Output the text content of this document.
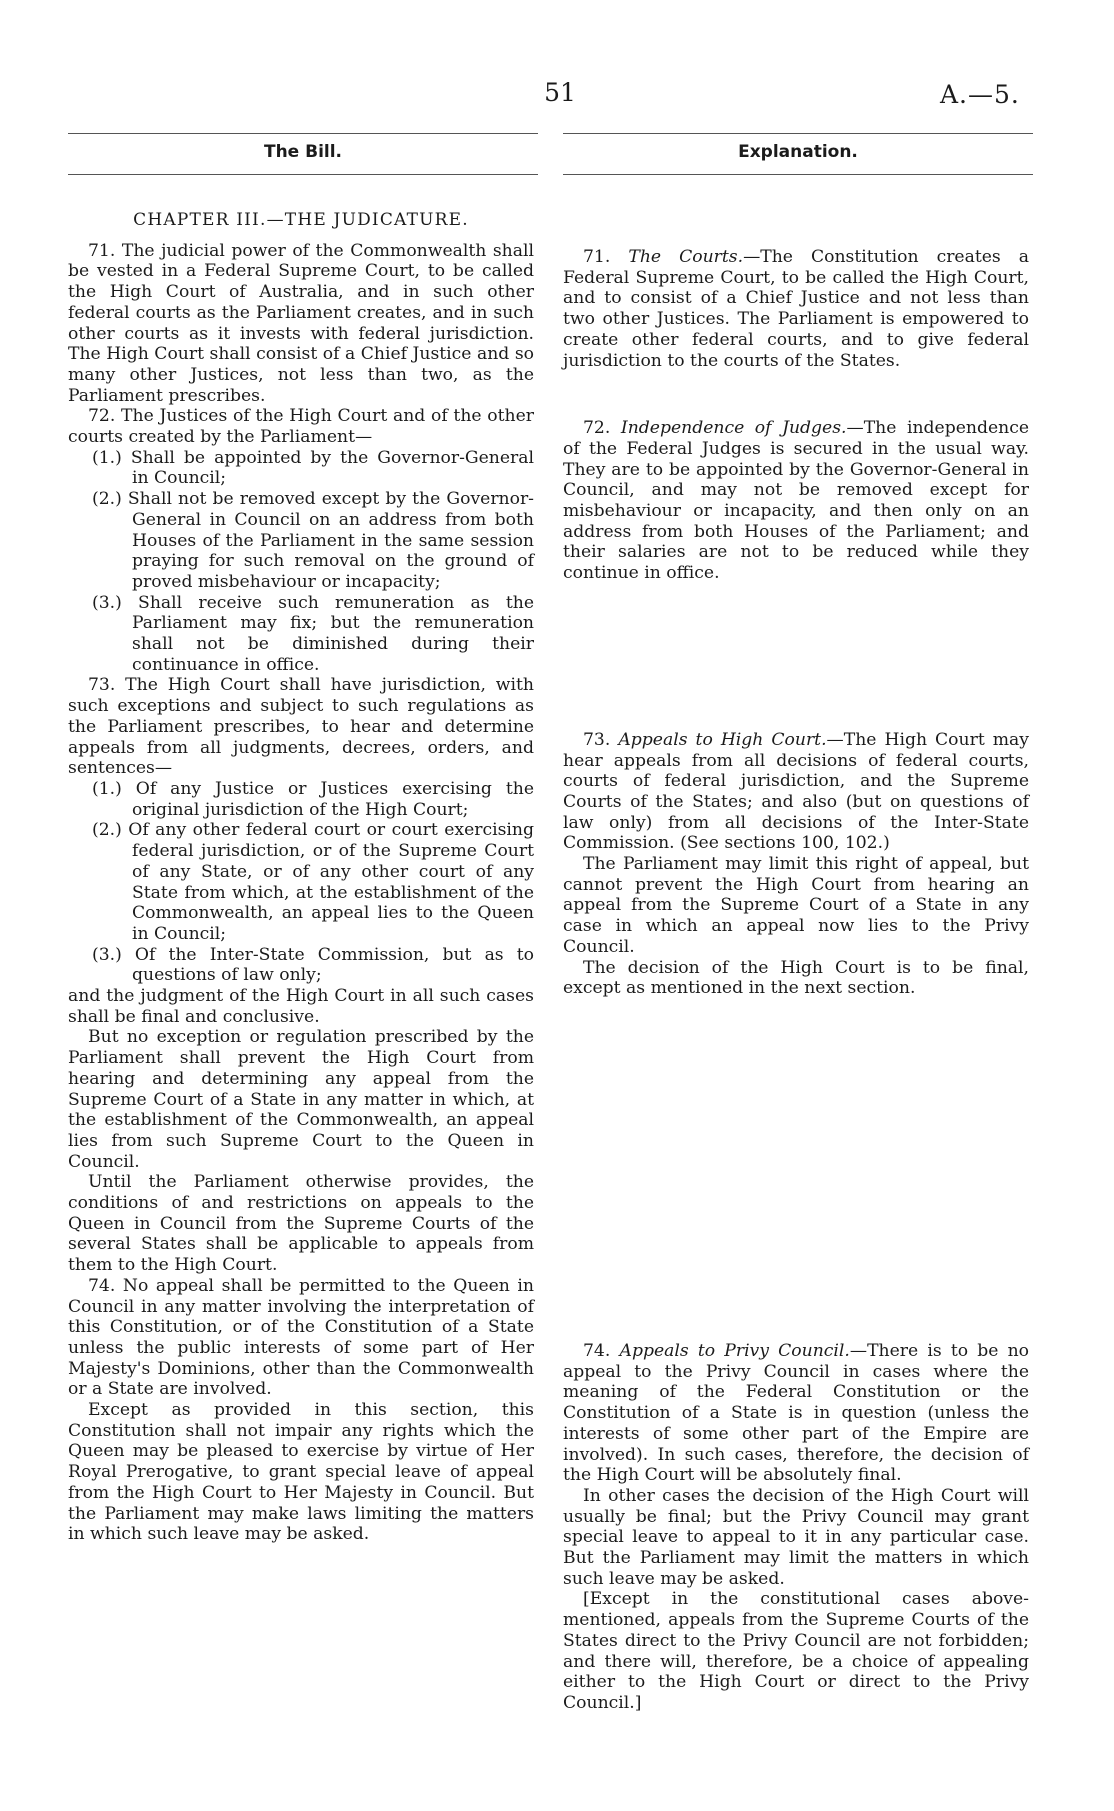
51	A.—5.
The Bill.	Explanation.

CHAPTER III.—THE JUDICATURE.

71. The judicial power of the Commonwealth shall be vested in a Federal Supreme Court, to be called the High Court of Australia, and in such other federal courts as the Parliament creates, and in such other courts as it invests with federal jurisdiction. The High Court shall consist of a Chief Justice and so many other Justices, not less than two, as the Parliament prescribes.

72. The Justices of the High Court and of the other courts created by the Parliament—

(1.) Shall be appointed by the Governor-General in Council;

(2.) Shall not be removed except by the Governor-General in Council on an address from both Houses of the Parliament in the same session praying for such removal on the ground of proved misbehaviour or incapacity;

(3.) Shall receive such remuneration as the Parliament may fix; but the remuneration shall not be diminished during their continuance in office.

73. The High Court shall have jurisdiction, with such exceptions and subject to such regulations as the Parliament prescribes, to hear and determine appeals from all judgments, decrees, orders, and sentences—

(1.) Of any Justice or Justices exercising the original jurisdiction of the High Court;

(2.) Of any other federal court or court exercising federal jurisdiction, or of the Supreme Court of any State, or of any other court of any State from which, at the establishment of the Commonwealth, an appeal lies to the Queen in Council;

(3.) Of the Inter-State Commission, but as to questions of law only;

and the judgment of the High Court in all such cases shall be final and conclusive.

But no exception or regulation prescribed by the Parliament shall prevent the High Court from hearing and determining any appeal from the Supreme Court of a State in any matter in which, at the establishment of the Commonwealth, an appeal lies from such Supreme Court to the Queen in Council.

Until the Parliament otherwise provides, the conditions of and restrictions on appeals to the Queen in Council from the Supreme Courts of the several States shall be applicable to appeals from them to the High Court.

74. No appeal shall be permitted to the Queen in Council in any matter involving the interpretation of this Constitution, or of the Constitution of a State unless the public interests of some part of Her Majesty's Dominions, other than the Commonwealth or a State are involved.

Except as provided in this section, this Constitution shall not impair any rights which the Queen may be pleased to exercise by virtue of Her Royal Prerogative, to grant special leave of appeal from the High Court to Her Majesty in Council. But the Parliament may make laws limiting the matters in which such leave may be asked.

71. The Courts.—The Constitution creates a Federal Supreme Court, to be called the High Court, and to consist of a Chief Justice and not less than two other Justices. The Parliament is empowered to create other federal courts, and to give federal jurisdiction to the courts of the States.

72. Independence of Judges.—The independence of the Federal Judges is secured in the usual way. They are to be appointed by the Governor-General in Council, and may not be removed except for misbehaviour or incapacity, and then only on an address from both Houses of the Parliament; and their salaries are not to be reduced while they continue in office.

73. Appeals to High Court.—The High Court may hear appeals from all decisions of federal courts, courts of federal jurisdiction, and the Supreme Courts of the States; and also (but on questions of law only) from all decisions of the Inter-State Commission. (See sections 100, 102.)

The Parliament may limit this right of appeal, but cannot prevent the High Court from hearing an appeal from the Supreme Court of a State in any case in which an appeal now lies to the Privy Council.

The decision of the High Court is to be final, except as mentioned in the next section.

74. Appeals to Privy Council.—There is to be no appeal to the Privy Council in cases where the meaning of the Federal Constitution or the Constitution of a State is in question (unless the interests of some other part of the Empire are involved). In such cases, therefore, the decision of the High Court will be absolutely final.

In other cases the decision of the High Court will usually be final; but the Privy Council may grant special leave to appeal to it in any particular case. But the Parliament may limit the matters in which such leave may be asked.

[Except in the constitutional cases above-mentioned, appeals from the Supreme Courts of the States direct to the Privy Council are not forbidden; and there will, therefore, be a choice of appealing either to the High Court or direct to the Privy Council.]
